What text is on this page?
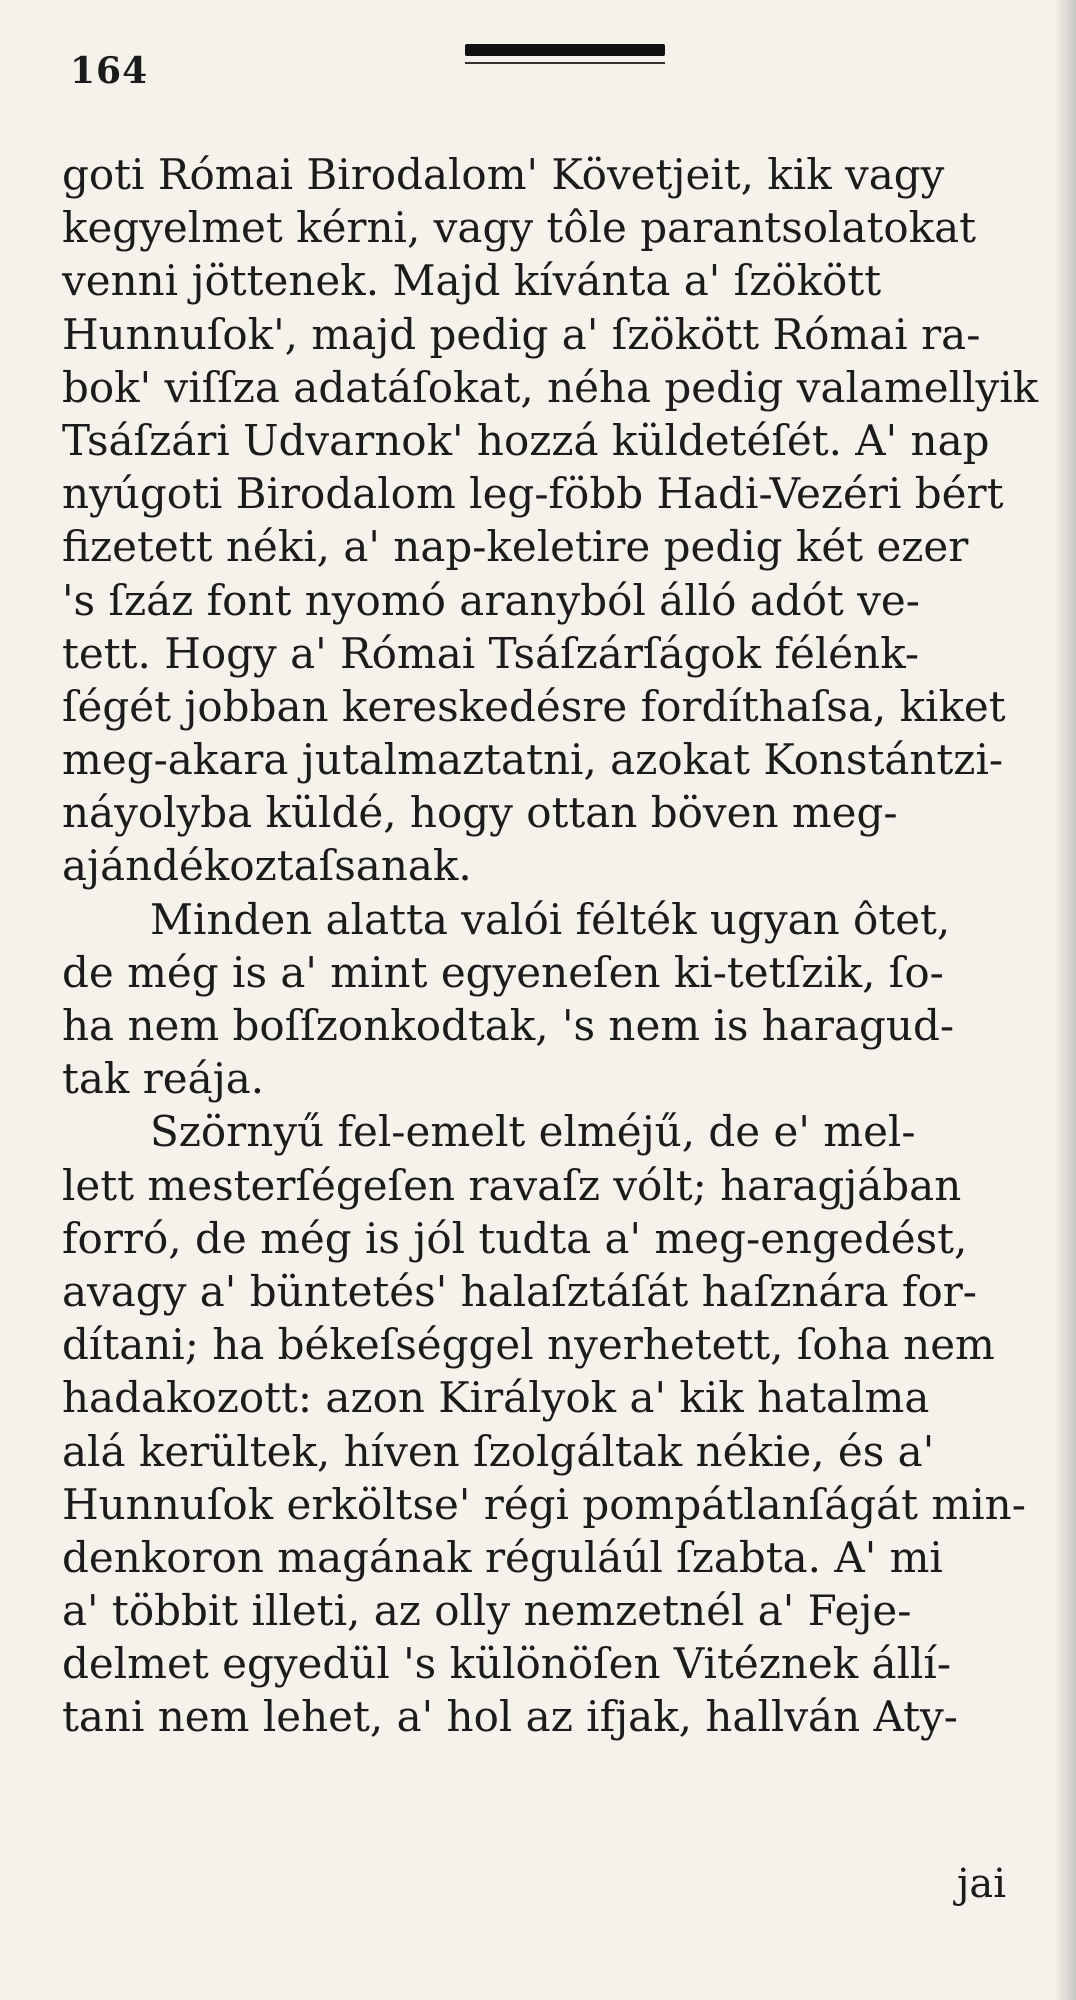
164
goti Római Birodalom' Követjeit, kik vagy
kegyelmet kérni, vagy tôle parantsolatokat
venni jöttenek. Majd kívánta a' ſzökött
Hunnuſok', majd pedig a' ſzökött Római ra-
bok' viſſza adatáſokat, néha pedig valamellyik
Tsáſzári Udvarnok' hozzá küldetéſét. A' nap
nyúgoti Birodalom leg-föbb Hadi-Vezéri bért
fizetett néki, a' nap-keletire pedig két ezer
's ſzáz font nyomó aranyból álló adót ve-
tett. Hogy a' Római Tsáſzárſágok félénk-
ſégét jobban kereskedésre fordíthaſsa, kiket
meg-akara jutalmaztatni, azokat Konstántzi-
náyolyba küldé, hogy ottan böven meg-
ajándékoztaſsanak.
Minden alatta valói félték ugyan ôtet,
de még is a' mint egyeneſen ki-tetſzik, ſo-
ha nem boſſzonkodtak, 's nem is haragud-
tak reája.
Szörnyű fel-emelt elméjű, de e' mel-
lett mesterſégeſen ravaſz vólt; haragjában
forró, de még is jól tudta a' meg-engedést,
avagy a' büntetés' halaſztáſát haſznára for-
dítani; ha békeſséggel nyerhetett, ſoha nem
hadakozott: azon Királyok a' kik hatalma
alá kerültek, híven ſzolgáltak nékie, és a'
Hunnuſok erköltse' régi pompátlanſágát min-
denkoron magának réguláúl ſzabta. A' mi
a' többit illeti, az olly nemzetnél a' Feje-
delmet egyedül 's különöſen Vitéznek állí-
tani nem lehet, a' hol az ifjak, hallván Aty-
jai
